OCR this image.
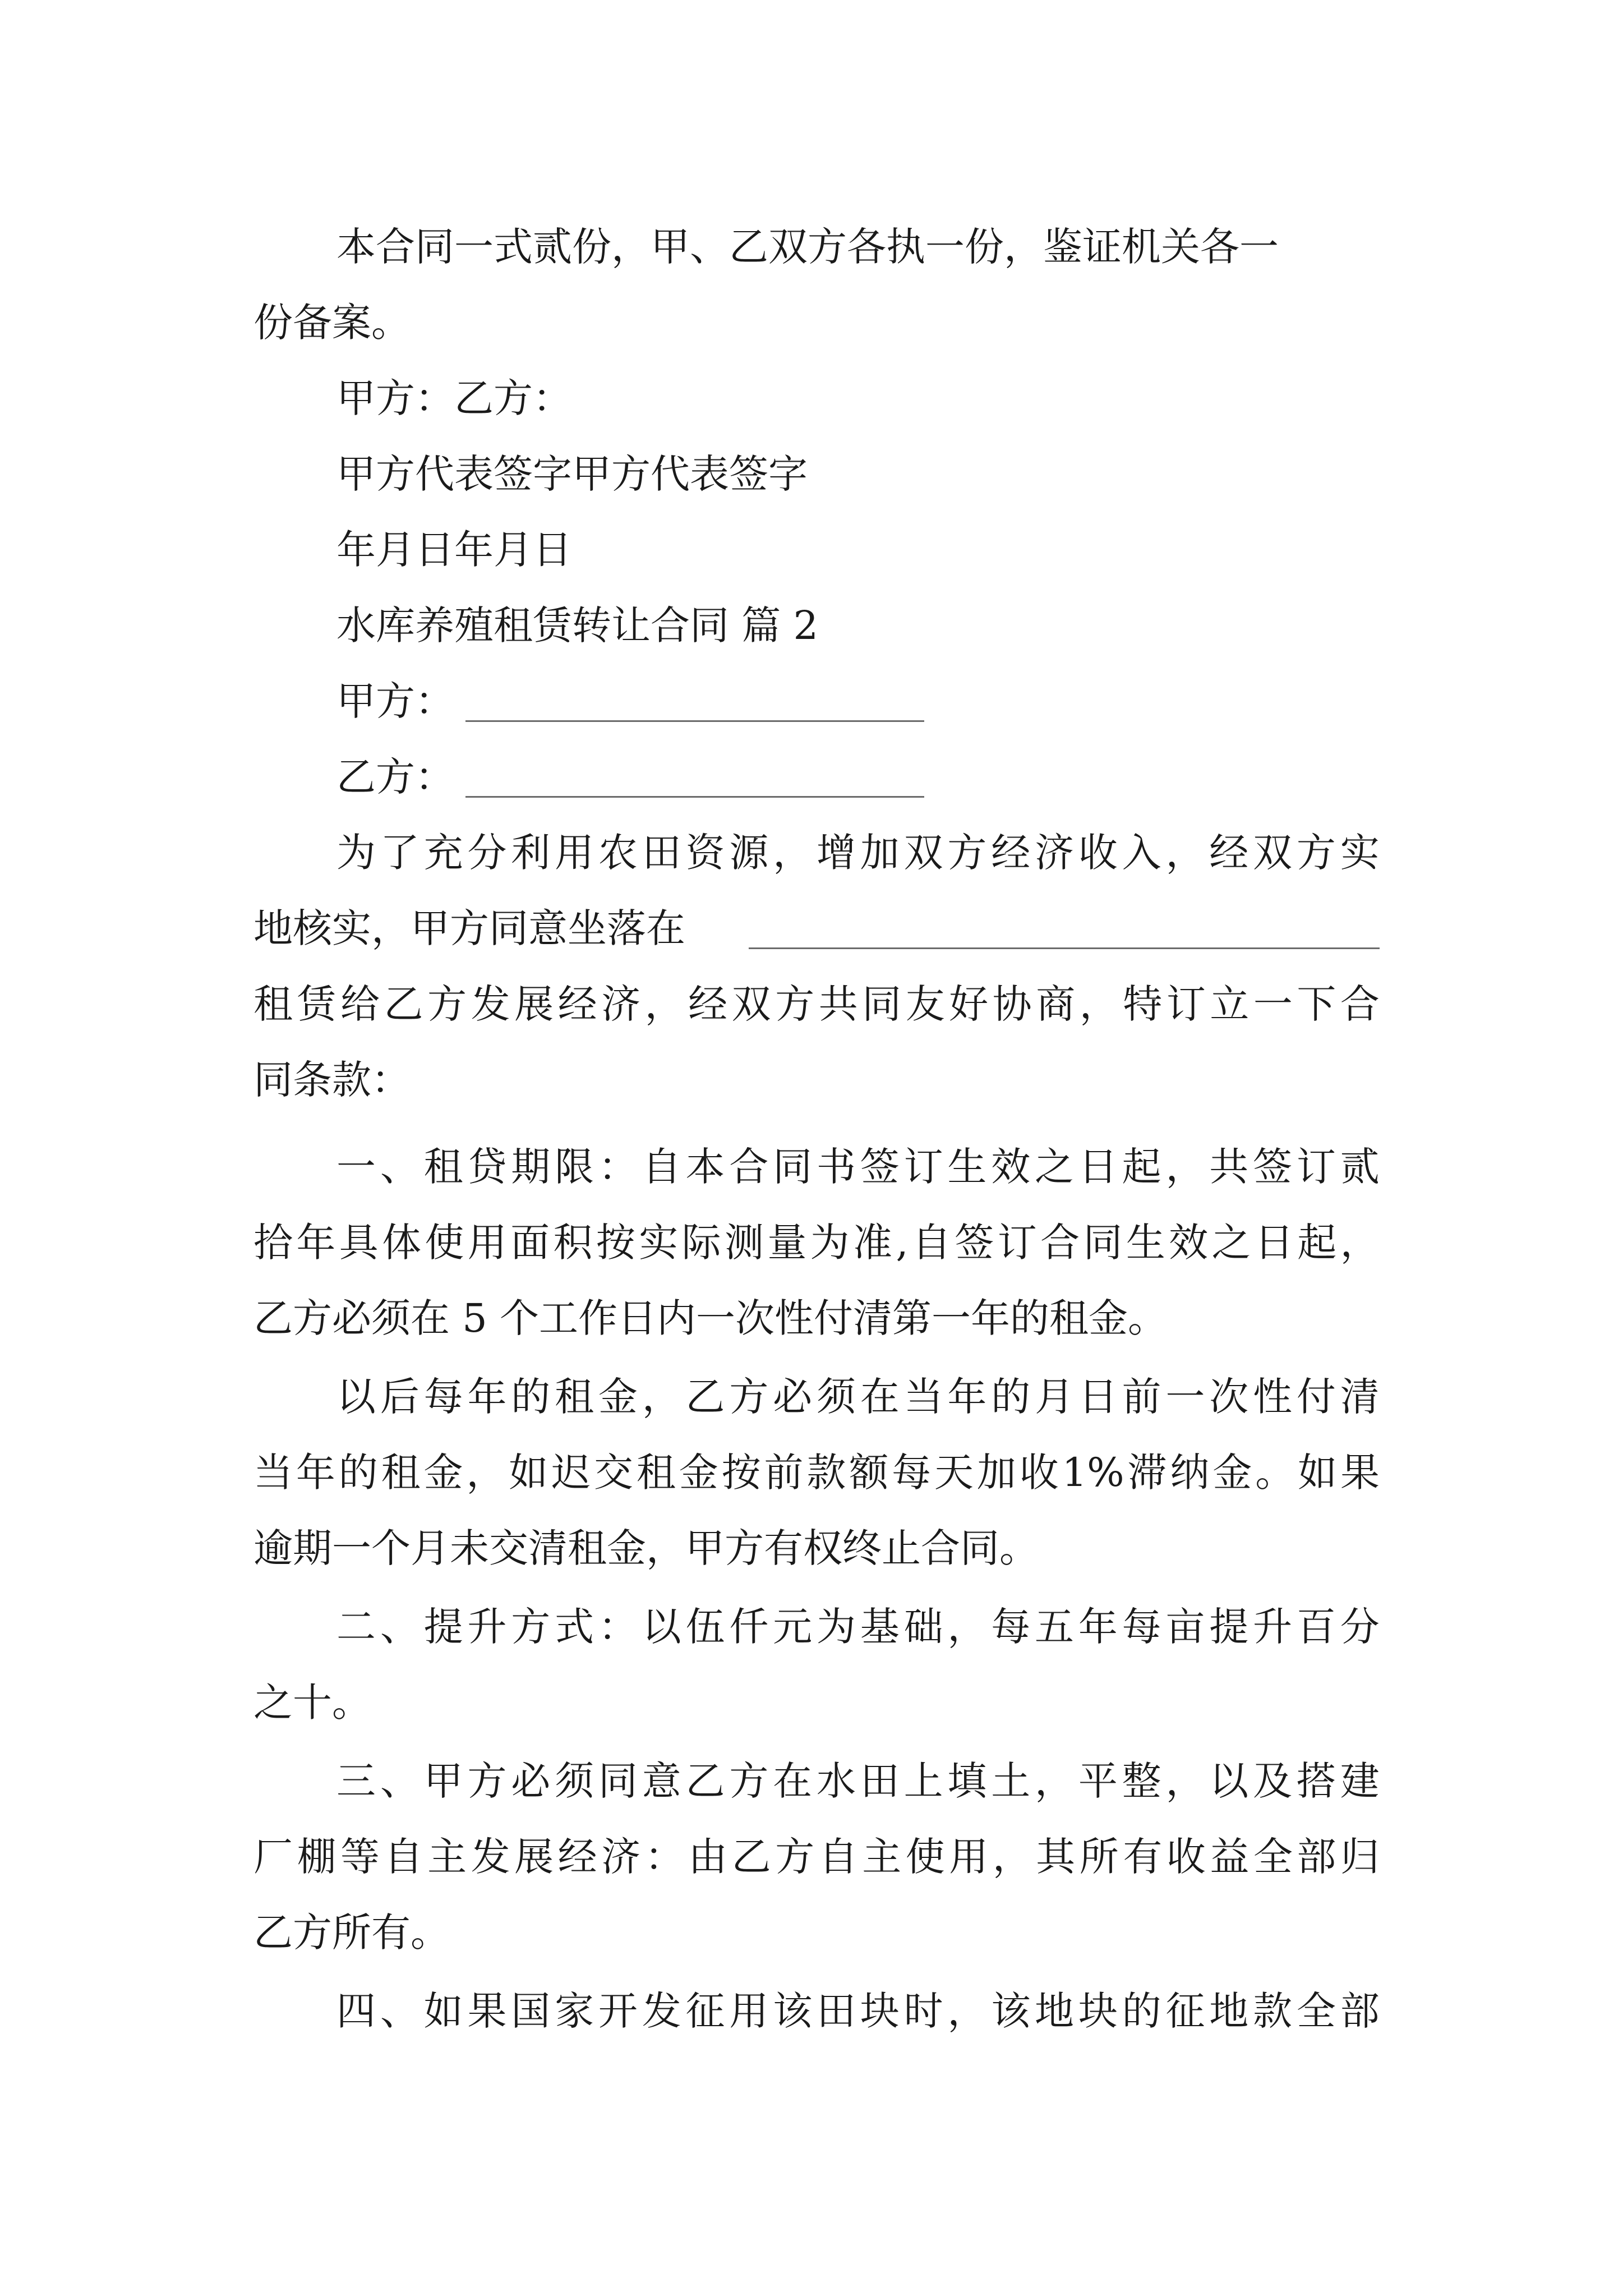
本合同一式贰份，甲、乙双方各执一份，鉴证机关各一
份备案。
甲方：乙方：
甲方代表签字甲方代表签字
年月日年月日
水库养殖租赁转让合同 篇 2
甲方：
乙方：
为 了 充 分 利 用 农 田 资 源 ， 增 加 双 方 经 济 收 入 ， 经 双 方 实
地核实，甲方同意坐落在
租 赁 给 乙 方 发 展 经 济 ， 经 双 方 共 同 友 好 协 商 ， 特 订 立 一 下 合
同条款：
一 、 租 贷 期 限 ： 自 本 合 同 书 签 订 生 效 之 日 起 ， 共 签 订 贰
拾 年 具 体 使 用 面 积 按 实 际 测 量 为 准 , 自 签 订 合 同 生 效 之 日 起 ，
乙方必须在 5 个工作日内一次性付清第一年的租金。
以 后 每 年 的 租 金 ， 乙 方 必 须 在 当 年 的 月 日 前 一 次 性 付 清
当 年 的 租 金 ， 如 迟 交 租 金 按 前 款 额 每 天 加 收 1% 滞 纳 金 。 如 果
逾期一个月未交清租金，甲方有权终止合同。
二 、 提 升 方 式 ： 以 伍 仟 元 为 基 础 ， 每 五 年 每 亩 提 升 百 分
之十。
三 、 甲 方 必 须 同 意 乙 方 在 水 田 上 填 土 ， 平 整 ， 以 及 搭 建
厂 棚 等 自 主 发 展 经 济 ： 由 乙 方 自 主 使 用 ， 其 所 有 收 益 全 部 归
乙方所有。
四 、 如 果 国 家 开 发 征 用 该 田 块 时 ， 该 地 块 的 征 地 款 全 部
